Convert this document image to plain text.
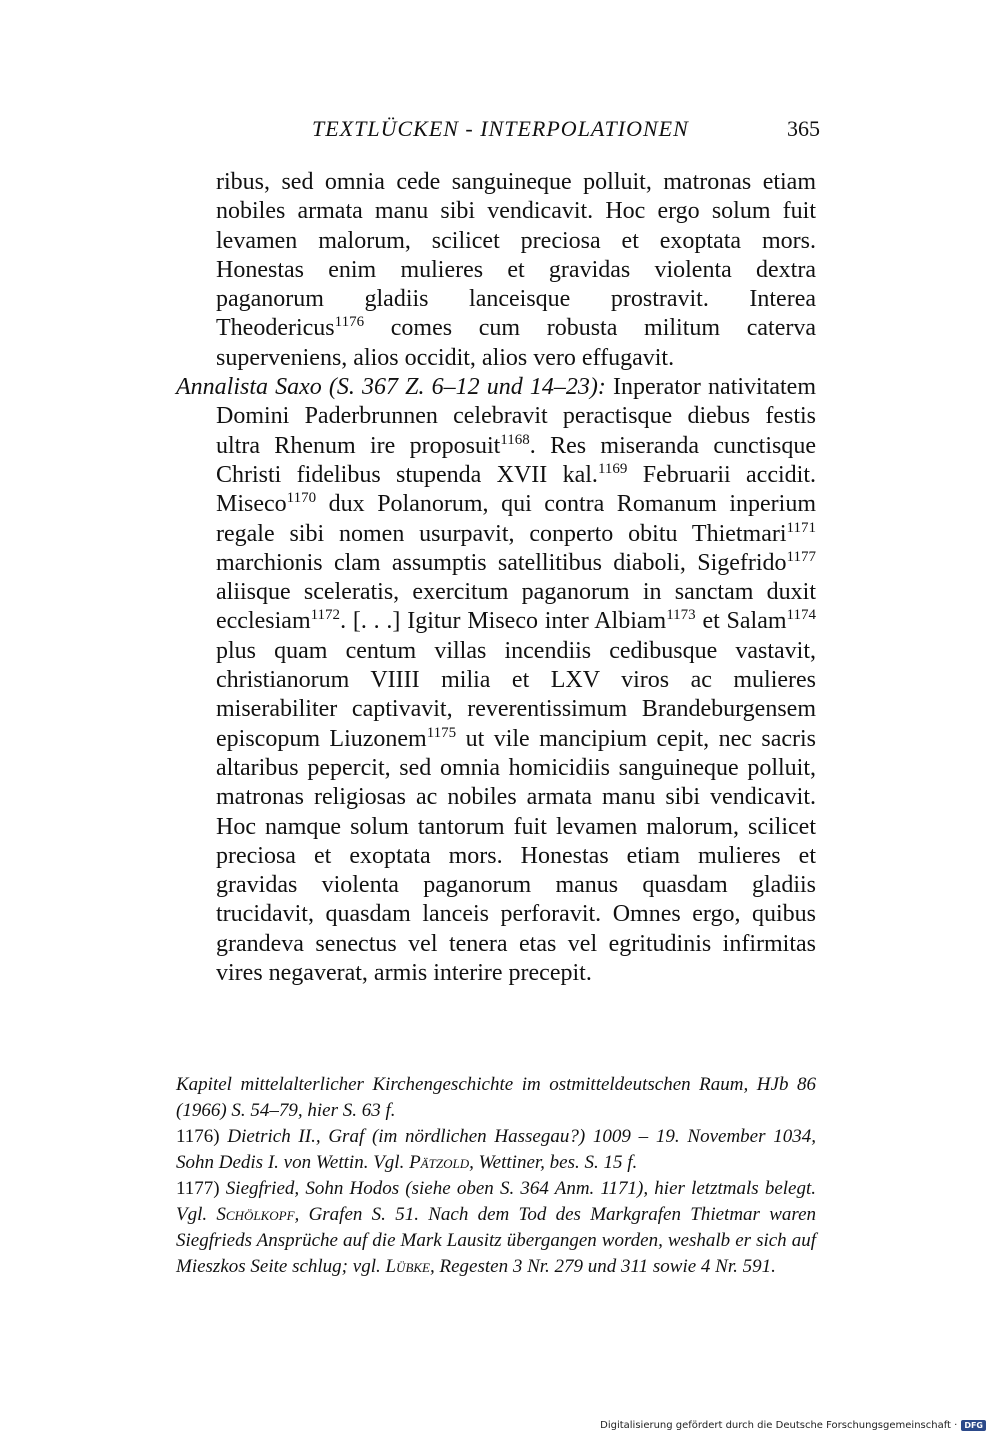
TEXTLÜCKEN - INTERPOLATIONEN	365

ribus, sed omnia cede sanguineque polluit, matronas etiam nobiles armata manu sibi vendicavit. Hoc ergo solum fuit levamen malorum, scilicet preciosa et exoptata mors. Honestas enim mulieres et gravidas violenta dextra paganorum gladiis lanceisque prostravit. Interea Theodericus$^{1176}$ comes cum robusta militum caterva superveniens, alios occidit, alios vero effugavit.

Annalista Saxo (S. 367 Z. 6–12 und 14–23): Inperator nativitatem Domini Paderbrunnen celebravit peractisque diebus festis ultra Rhenum ire proposuit$^{1168}$. Res miseranda cunctisque Christi fidelibus stupenda XVII kal.$^{1169}$ Februarii accidit. Miseco$^{1170}$ dux Polanorum, qui contra Romanum inperium regale sibi nomen usurpavit, conperto obitu Thietmari$^{1171}$ marchionis clam assumptis satellitibus diaboli, Sigefrido$^{1177}$ aliisque sceleratis, exercitum paganorum in sanctam duxit ecclesiam$^{1172}$. [. . .] Igitur Miseco inter Albiam$^{1173}$ et Salam$^{1174}$ plus quam centum villas incendiis cedibusque vastavit, christianorum VIIII milia et LXV viros ac mulieres miserabiliter captivavit, reverentissimum Brandeburgensem episcopum Liuzonem$^{1175}$ ut vile mancipium cepit, nec sacris altaribus pepercit, sed omnia homicidiis sanguineque polluit, matronas religiosas ac nobiles armata manu sibi vendicavit. Hoc namque solum tantorum fuit levamen malorum, scilicet preciosa et exoptata mors. Honestas etiam mulieres et gravidas violenta paganorum manus quasdam gladiis trucidavit, quasdam lanceis perforavit. Omnes ergo, quibus grandeva senectus vel tenera etas vel egritudinis infirmitas vires negaverat, armis interire precepit.

Kapitel mittelalterlicher Kirchengeschichte im ostmitteldeutschen Raum, HJb 86 (1966) S. 54–79, hier S. 63 f.

1176) Dietrich II., Graf (im nördlichen Hassegau?) 1009 – 19. November 1034, Sohn Dedis I. von Wettin. Vgl. Pätzold, Wettiner, bes. S. 15 f.

1177) Siegfried, Sohn Hodos (siehe oben S. 364 Anm. 1171), hier letztmals belegt. Vgl. Schölkopf, Grafen S. 51. Nach dem Tod des Markgrafen Thietmar waren Siegfrieds Ansprüche auf die Mark Lausitz übergangen worden, weshalb er sich auf Mieszkos Seite schlug; vgl. Lübke, Regesten 3 Nr. 279 und 311 sowie 4 Nr. 591.

Digitalisierung gefördert durch die Deutsche Forschungsgemeinschaft · DFG
